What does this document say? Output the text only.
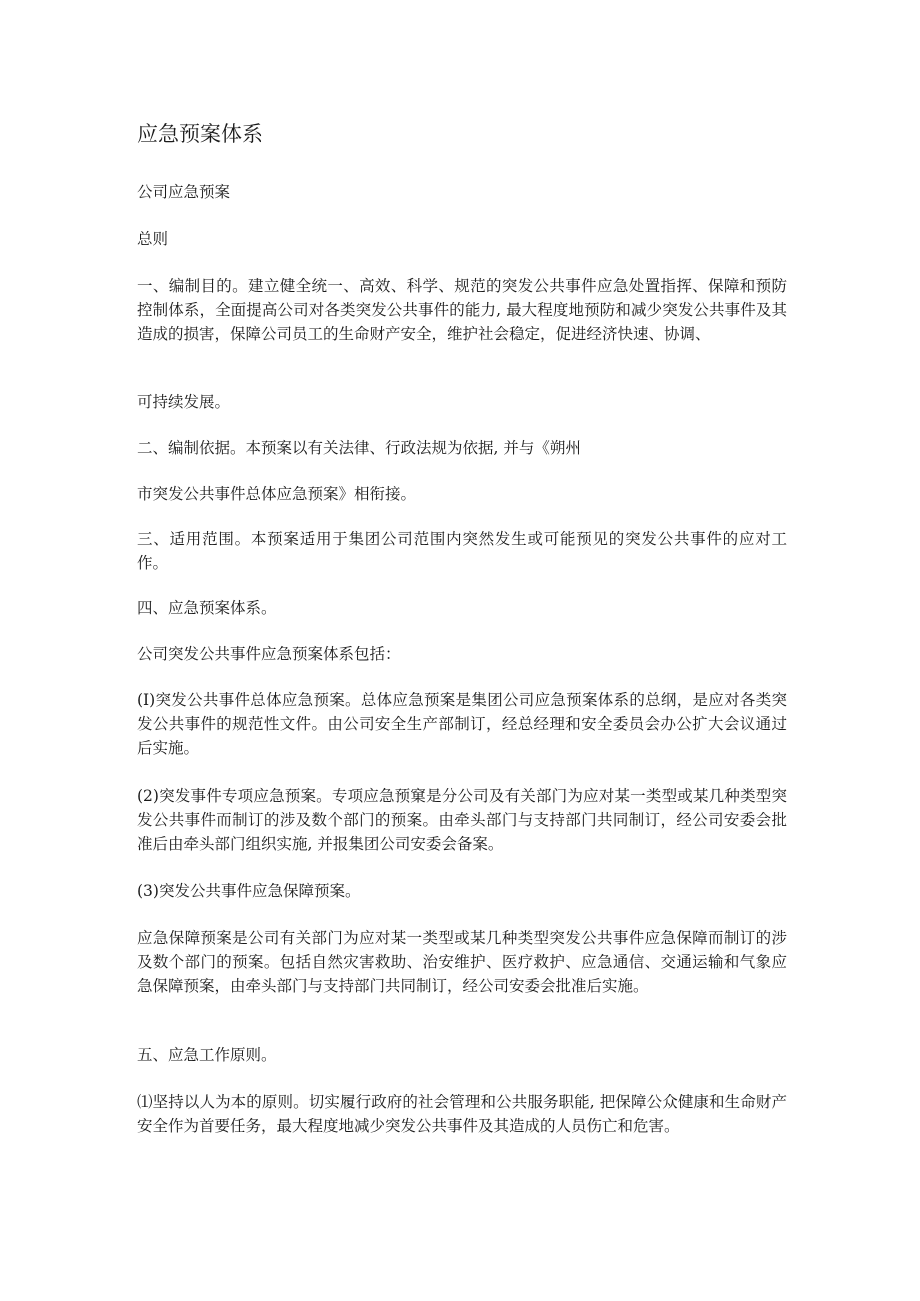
应急预案体系

公司应急预案

总则

一、编制目的。建立健全统一、高效、科学、规范的突发公共事件应急处置指挥、保障和预防控制体系，全面提高公司对各类突发公共事件的能力, 最大程度地预防和减少突发公共事件及其造成的损害，保障公司员工的生命财产安全，维护社会稳定，促进经济快速、协调、

可持续发展。

二、编制依据。本预案以有关法律、行政法规为依据, 并与《朔州

市突发公共事件总体应急预案》相衔接。

三、适用范围。本预案适用于集团公司范围内突然发生或可能预见的突发公共事件的应对工作。

四、应急预案体系。

公司突发公共事件应急预案体系包括：

(I)突发公共事件总体应急预案。总体应急预案是集团公司应急预案体系的总纲，是应对各类突发公共事件的规范性文件。由公司安全生产部制订，经总经理和安全委员会办公扩大会议通过后实施。

(2)突发事件专项应急预案。专项应急预窠是分公司及有关部门为应对某一类型或某几种类型突发公共事件而制订的涉及数个部门的预案。由牵头部门与支持部门共同制订，经公司安委会批准后由牵头部门组织实施, 并报集团公司安委会备案。

(3)突发公共事件应急保障预案。

应急保障预案是公司有关部门为应对某一类型或某几种类型突发公共事件应急保障而制订的涉及数个部门的预案。包括自然灾害救助、治安维护、医疗救护、应急通信、交通运输和气象应急保障预案，由牵头部门与支持部门共同制订，经公司安委会批准后实施。

五、应急工作原则。

⑴坚持以人为本的原则。切实履行政府的社会管理和公共服务职能, 把保障公众健康和生命财产安全作为首要任务，最大程度地减少突发公共事件及其造成的人员伤亡和危害。
